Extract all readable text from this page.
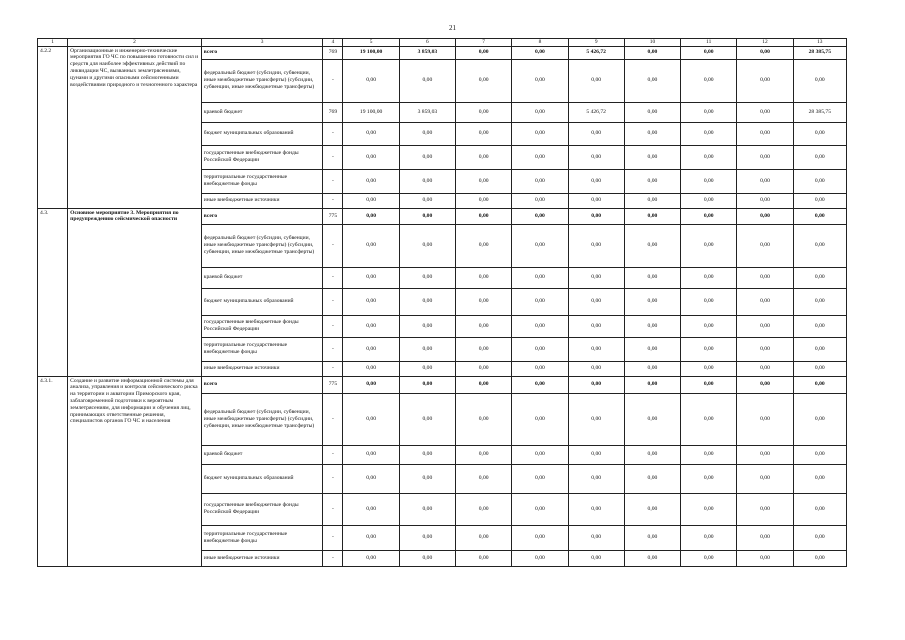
21
1	2	3	4	5	6	7	8	9	10	11	12	13
4.2.2	Организационные и инженерно-технические мероприятия ГО ЧС по повышению готовности сил и средств для наиболее эффективных действий по ликвидации ЧС, вызванных землетрясениями, цунами и другими опасными сейсмогенными воздействиями природного и техногенного характера	всего	769	19 100,00	3 859,03	0,00	0,00	5 426,72	0,00	0,00	0,00	28 385,75
		федеральный бюджет (субсидии, субвенции, иные межбюджетные трансферты) (субсидии, субвенции, иные межбюджетные трансферты)	-	0,00	0,00	0,00	0,00	0,00	0,00	0,00	0,00	0,00
		краевой бюджет	769	19 100,00	3 859,03	0,00	0,00	5 426,72	0,00	0,00	0,00	28 385,75
		бюджет муниципальных образований	-	0,00	0,00	0,00	0,00	0,00	0,00	0,00	0,00	0,00
		государственные внебюджетные фонды Российской Федерации	-	0,00	0,00	0,00	0,00	0,00	0,00	0,00	0,00	0,00
		территориальные государственные внебюджетные фонды	-	0,00	0,00	0,00	0,00	0,00	0,00	0,00	0,00	0,00
		иные внебюджетные источники	-	0,00	0,00	0,00	0,00	0,00	0,00	0,00	0,00	0,00
4.3.	Основное мероприятие 3. Мероприятия по предупреждению сейсмической опасности	всего	775	0,00	0,00	0,00	0,00	0,00	0,00	0,00	0,00	0,00
		федеральный бюджет (субсидии, субвенции, иные межбюджетные трансферты) (субсидии, субвенции, иные межбюджетные трансферты)	-	0,00	0,00	0,00	0,00	0,00	0,00	0,00	0,00	0,00
		краевой бюджет	-	0,00	0,00	0,00	0,00	0,00	0,00	0,00	0,00	0,00
		бюджет муниципальных образований	-	0,00	0,00	0,00	0,00	0,00	0,00	0,00	0,00	0,00
		государственные внебюджетные фонды Российской Федерации	-	0,00	0,00	0,00	0,00	0,00	0,00	0,00	0,00	0,00
		территориальные государственные внебюджетные фонды	-	0,00	0,00	0,00	0,00	0,00	0,00	0,00	0,00	0,00
		иные внебюджетные источники	-	0,00	0,00	0,00	0,00	0,00	0,00	0,00	0,00	0,00
4.3.1.	Создание и развитие информационной системы для анализа, управления и контроля сейсмического риска на территории и акватории Приморского края, заблаговременной подготовки к вероятным землетрясениям, для информации и обучения лиц, принимающих ответственные решения, специалистов органов ГО ЧС и населения	всего	775	0,00	0,00	0,00	0,00	0,00	0,00	0,00	0,00	0,00
		федеральный бюджет (субсидии, субвенции, иные межбюджетные трансферты) (субсидии, субвенции, иные межбюджетные трансферты)	-	0,00	0,00	0,00	0,00	0,00	0,00	0,00	0,00	0,00
		краевой бюджет	-	0,00	0,00	0,00	0,00	0,00	0,00	0,00	0,00	0,00
		бюджет муниципальных образований	-	0,00	0,00	0,00	0,00	0,00	0,00	0,00	0,00	0,00
		государственные внебюджетные фонды Российской Федерации	-	0,00	0,00	0,00	0,00	0,00	0,00	0,00	0,00	0,00
		территориальные государственные внебюджетные фонды	-	0,00	0,00	0,00	0,00	0,00	0,00	0,00	0,00	0,00
		иные внебюджетные источники	-	0,00	0,00	0,00	0,00	0,00	0,00	0,00	0,00	0,00
